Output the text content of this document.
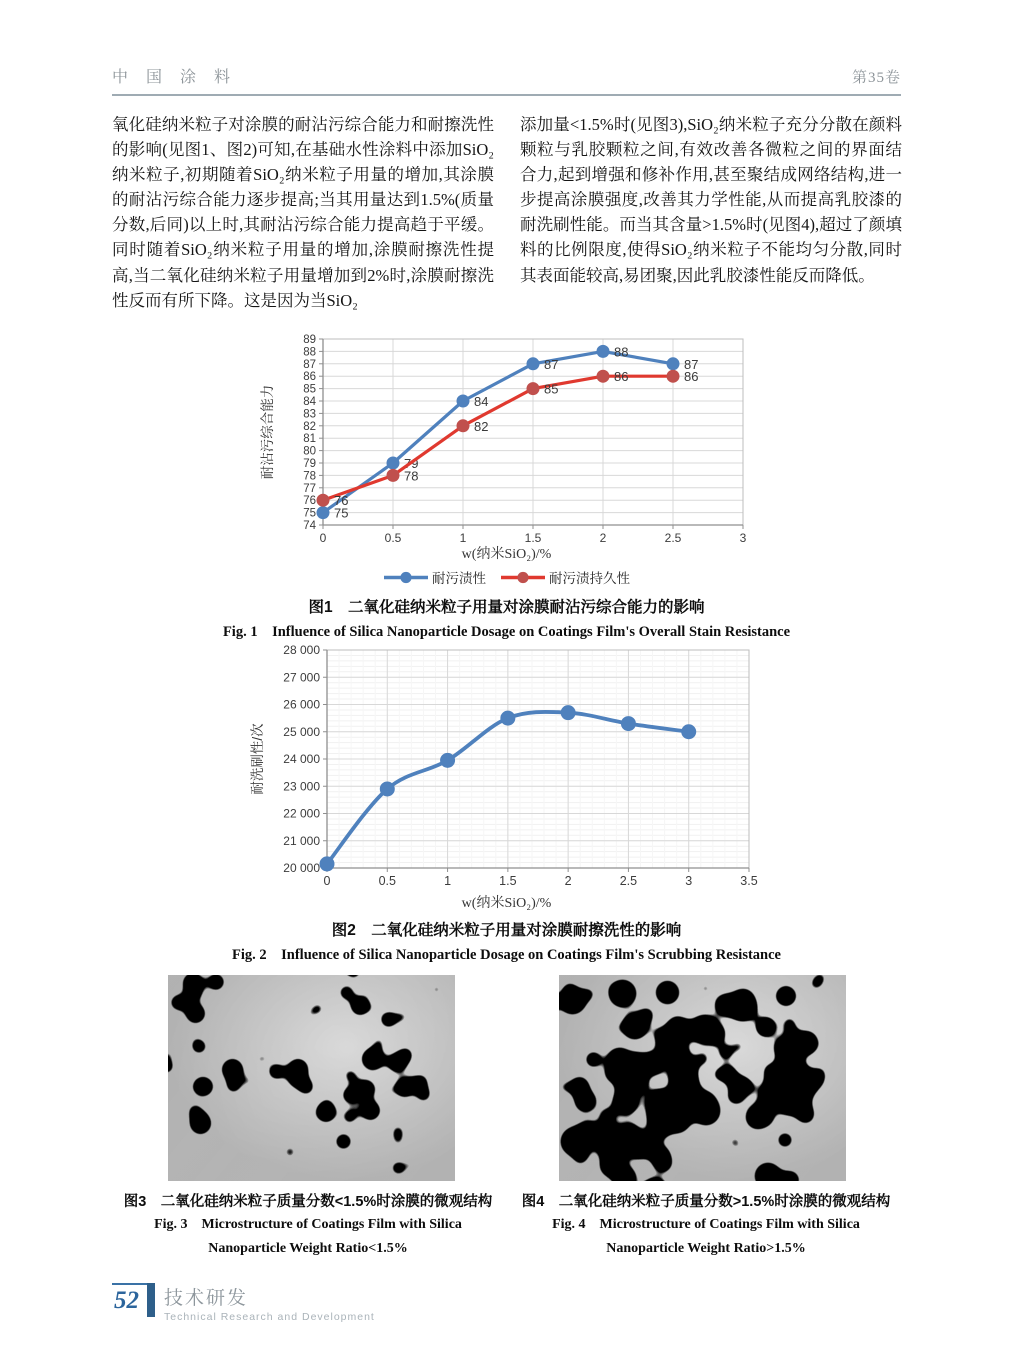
中 国 涂 料	第35卷
氧化硅纳米粒子对涂膜的耐沾污综合能力和耐擦洗性的影响(见图1、图2)可知,在基础水性涂料中添加SiO₂纳米粒子,初期随着SiO₂纳米粒子用量的增加,其涂膜的耐沾污综合能力逐步提高;当其用量达到1.5%(质量分数,后同)以上时,其耐沾污综合能力提高趋于平缓。同时随着SiO₂纳米粒子用量的增加,涂膜耐擦洗性提高,当二氧化硅纳米粒子用量增加到2%时,涂膜耐擦洗性反而有所下降。这是因为当SiO₂
添加量<1.5%时(见图3),SiO₂纳米粒子充分分散在颜料颗粒与乳胶颗粒之间,有效改善各微粒之间的界面结合力,起到增强和修补作用,甚至聚结成网络结构,进一步提高涂膜强度,改善其力学性能,从而提高乳胶漆的耐洗刷性能。而当其含量>1.5%时(见图4),超过了颜填料的比例限度,使得SiO₂纳米粒子不能均匀分散,同时其表面能较高,易团聚,因此乳胶漆性能反而降低。
74
75
76
77
78
79
80
81
82
83
84
85
86
87
88
89
0	0.5	1	1.5	2	2.5	3
耐沾污综合能力
75
79
84
87
88
87
76
78
82
85
86	86
w(纳米SiO₂)/%
耐污渍性	耐污渍持久性
图1　二氧化硅纳米粒子用量对涂膜耐沾污综合能力的影响
Fig. 1　Influence of Silica Nanoparticle Dosage on Coatings Film's Overall Stain Resistance
20 000
21 000
22 000
23 000
24 000
25 000
26 000
27 000
28 000
0	0.5	1	1.5	2	2.5	3	3.5
耐洗刷性/次
w(纳米SiO₂)/%
图2　二氧化硅纳米粒子用量对涂膜耐擦洗性的影响
Fig. 2　Influence of Silica Nanoparticle Dosage on Coatings Film's Scrubbing Resistance
图3　二氧化硅纳米粒子质量分数<1.5%时涂膜的微观结构
Fig. 3　Microstructure of Coatings Film with Silica
Nanoparticle Weight Ratio<1.5%
图4　二氧化硅纳米粒子质量分数>1.5%时涂膜的微观结构
Fig. 4　Microstructure of Coatings Film with Silica
Nanoparticle Weight Ratio>1.5%
52	技术研发
Technical Research and Development
